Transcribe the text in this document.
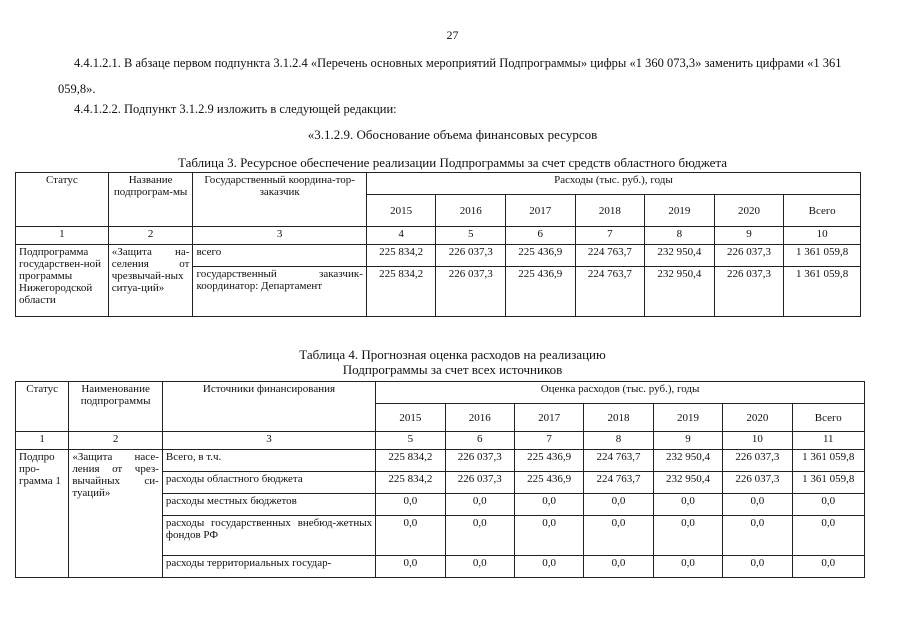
27
4.4.1.2.1. В абзаце первом подпункта 3.1.2.4 «Перечень основных мероприятий Подпрограммы» цифры «1 360 073,3» заменить цифрами «1 361 059,8».
4.4.1.2.2. Подпункт 3.1.2.9 изложить в следующей редакции:
«3.1.2.9. Обоснование объема финансовых ресурсов
Таблица 3. Ресурсное обеспечение реализации Подпрограммы за счет средств областного бюджета
Статус	Название подпрограм-мы	Государственный координа-тор-заказчик	Расходы (тыс. руб.), годы						
			2015	2016	2017	2018	2019	2020	Всего
1	2	3	4	5	6	7	8	9	10
Подпрограмма государствен-ной программы Нижегородской области	«Защита на-селения от чрезвычай-ных ситуа-ций»	всего	225 834,2	226 037,3	225 436,9	224 763,7	232 950,4	226 037,3	1 361 059,8
		государственный заказчик-координатор: Департамент	225 834,2	226 037,3	225 436,9	224 763,7	232 950,4	226 037,3	1 361 059,8
Таблица 4. Прогнозная оценка расходов на реализацию
Подпрограммы за счет всех источников
Статус	Наименование подпрограммы	Источники финансирования	Оценка расходов (тыс. руб.), годы						
			2015	2016	2017	2018	2019	2020	Всего
1	2	3	5	6	7	8	9	10	11
Подпро про-грамма 1	«Защита насе-ления от чрез-вычайных си-туаций»	Всего, в т.ч.	225 834,2	226 037,3	225 436,9	224 763,7	232 950,4	226 037,3	1 361 059,8
		расходы областного бюджета	225 834,2	226 037,3	225 436,9	224 763,7	232 950,4	226 037,3	1 361 059,8
		расходы местных бюджетов	0,0	0,0	0,0	0,0	0,0	0,0	0,0
		расходы государственных внебюд-жетных фондов РФ	0,0	0,0	0,0	0,0	0,0	0,0	0,0
		расходы территориальных государ-	0,0	0,0	0,0	0,0	0,0	0,0	0,0
